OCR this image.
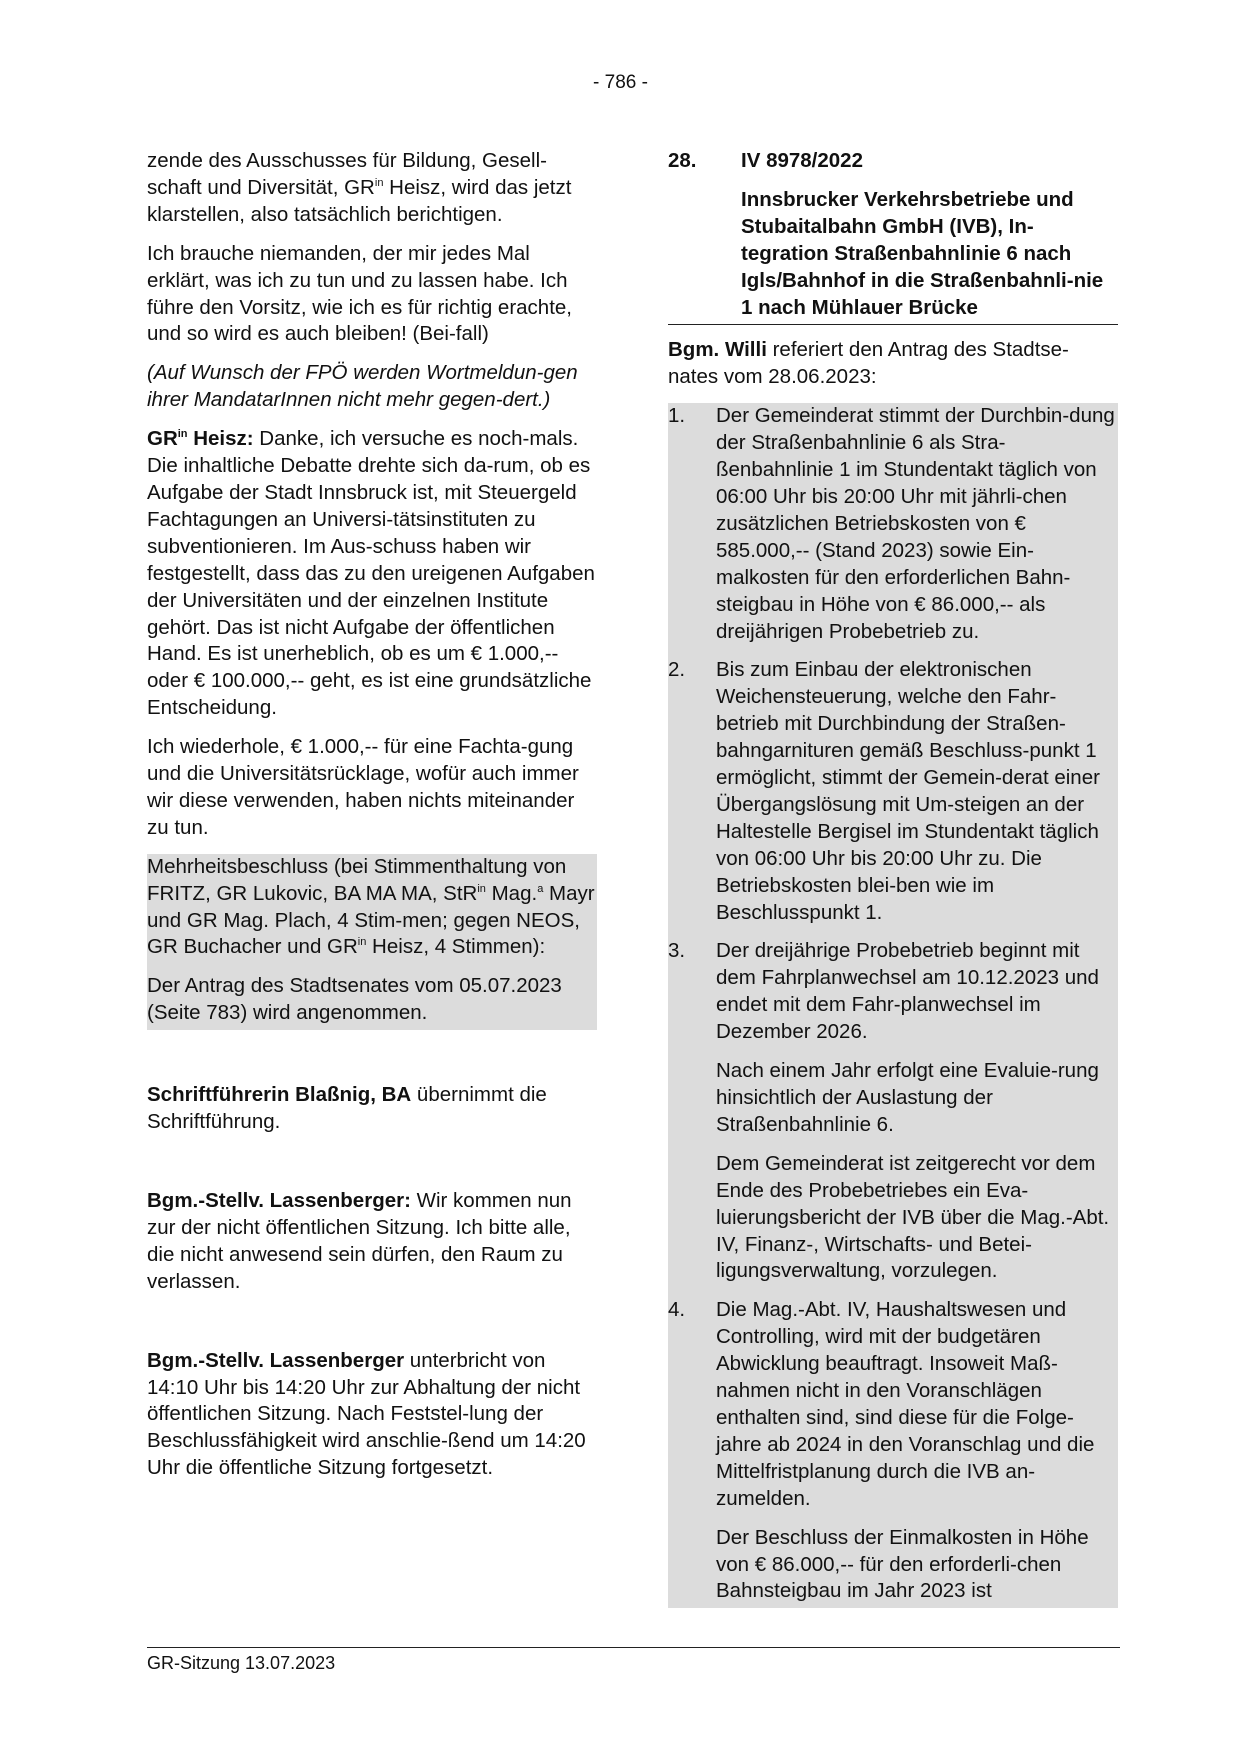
- 786 -

zende des Ausschusses für Bildung, Gesell-schaft und Diversität, $GR^{in}$ Heisz, wird das jetzt klarstellen, also tatsächlich berichtigen.

Ich brauche niemanden, der mir jedes Mal erklärt, was ich zu tun und zu lassen habe. Ich führe den Vorsitz, wie ich es für richtig erachte, und so wird es auch bleiben! (Bei-fall)

(Auf Wunsch der FPÖ werden Wortmeldun-gen ihrer MandatarInnen nicht mehr gegen-dert.)

$GR^{in}$ Heisz: Danke, ich versuche es noch-mals. Die inhaltliche Debatte drehte sich da-rum, ob es Aufgabe der Stadt Innsbruck ist, mit Steuergeld Fachtagungen an Universi-tätsinstituten zu subventionieren. Im Aus-schuss haben wir festgestellt, dass das zu den ureigenen Aufgaben der Universitäten und der einzelnen Institute gehört. Das ist nicht Aufgabe der öffentlichen Hand. Es ist unerheblich, ob es um € 1.000,-- oder € 100.000,-- geht, es ist eine grundsätzliche Entscheidung.

Ich wiederhole, € 1.000,-- für eine Fachta-gung und die Universitätsrücklage, wofür auch immer wir diese verwenden, haben nichts miteinander zu tun.

Mehrheitsbeschluss (bei Stimmenthaltung von FRITZ, GR Lukovic, BA MA MA, StR$^{in}$ Mag.$^a$ Mayr und GR Mag. Plach, 4 Stim-men; gegen NEOS, GR Buchacher und $GR^{in}$ Heisz, 4 Stimmen):

Der Antrag des Stadtsenates vom 05.07.2023 (Seite 783) wird angenommen.

Schriftführerin Blaßnig, BA übernimmt die Schriftführung.

Bgm.-Stellv. Lassenberger: Wir kommen nun zur der nicht öffentlichen Sitzung. Ich bitte alle, die nicht anwesend sein dürfen, den Raum zu verlassen.

Bgm.-Stellv. Lassenberger unterbricht von 14:10 Uhr bis 14:20 Uhr zur Abhaltung der nicht öffentlichen Sitzung. Nach Feststel-lung der Beschlussfähigkeit wird anschlie-ßend um 14:20 Uhr die öffentliche Sitzung fortgesetzt.

28.	IV 8978/2022
Innsbrucker Verkehrsbetriebe und Stubaitalbahn GmbH (IVB), In-tegration Straßenbahnlinie 6 nach Igls/Bahnhof in die Straßenbahnli-nie 1 nach Mühlauer Brücke

Bgm. Willi referiert den Antrag des Stadtse-nates vom 28.06.2023:

1.	Der Gemeinderat stimmt der Durchbin-dung der Straßenbahnlinie 6 als Stra-ßenbahnlinie 1 im Stundentakt täglich von 06:00 Uhr bis 20:00 Uhr mit jährli-chen zusätzlichen Betriebskosten von € 585.000,-- (Stand 2023) sowie Ein-malkosten für den erforderlichen Bahn-steigbau in Höhe von € 86.000,-- als dreijährigen Probebetrieb zu.
2.	Bis zum Einbau der elektronischen Weichensteuerung, welche den Fahr-betrieb mit Durchbindung der Straßen-bahngarnituren gemäß Beschluss-punkt 1 ermöglicht, stimmt der Gemein-derat einer Übergangslösung mit Um-steigen an der Haltestelle Bergisel im Stundentakt täglich von 06:00 Uhr bis 20:00 Uhr zu. Die Betriebskosten blei-ben wie im Beschlusspunkt 1.
3.	Der dreijährige Probebetrieb beginnt mit dem Fahrplanwechsel am 10.12.2023 und endet mit dem Fahr-planwechsel im Dezember 2026.
Nach einem Jahr erfolgt eine Evaluie-rung hinsichtlich der Auslastung der Straßenbahnlinie 6.
Dem Gemeinderat ist zeitgerecht vor dem Ende des Probebetriebes ein Eva-luierungsbericht der IVB über die Mag.-Abt. IV, Finanz-, Wirtschafts- und Betei-ligungsverwaltung, vorzulegen.
4.	Die Mag.-Abt. IV, Haushaltswesen und Controlling, wird mit der budgetären Abwicklung beauftragt. Insoweit Maß-nahmen nicht in den Voranschlägen enthalten sind, sind diese für die Folge-jahre ab 2024 in den Voranschlag und die Mittelfristplanung durch die IVB an-zumelden.
Der Beschluss der Einmalkosten in Höhe von € 86.000,-- für den erforderli-chen Bahnsteigbau im Jahr 2023 ist
GR-Sitzung 13.07.2023
